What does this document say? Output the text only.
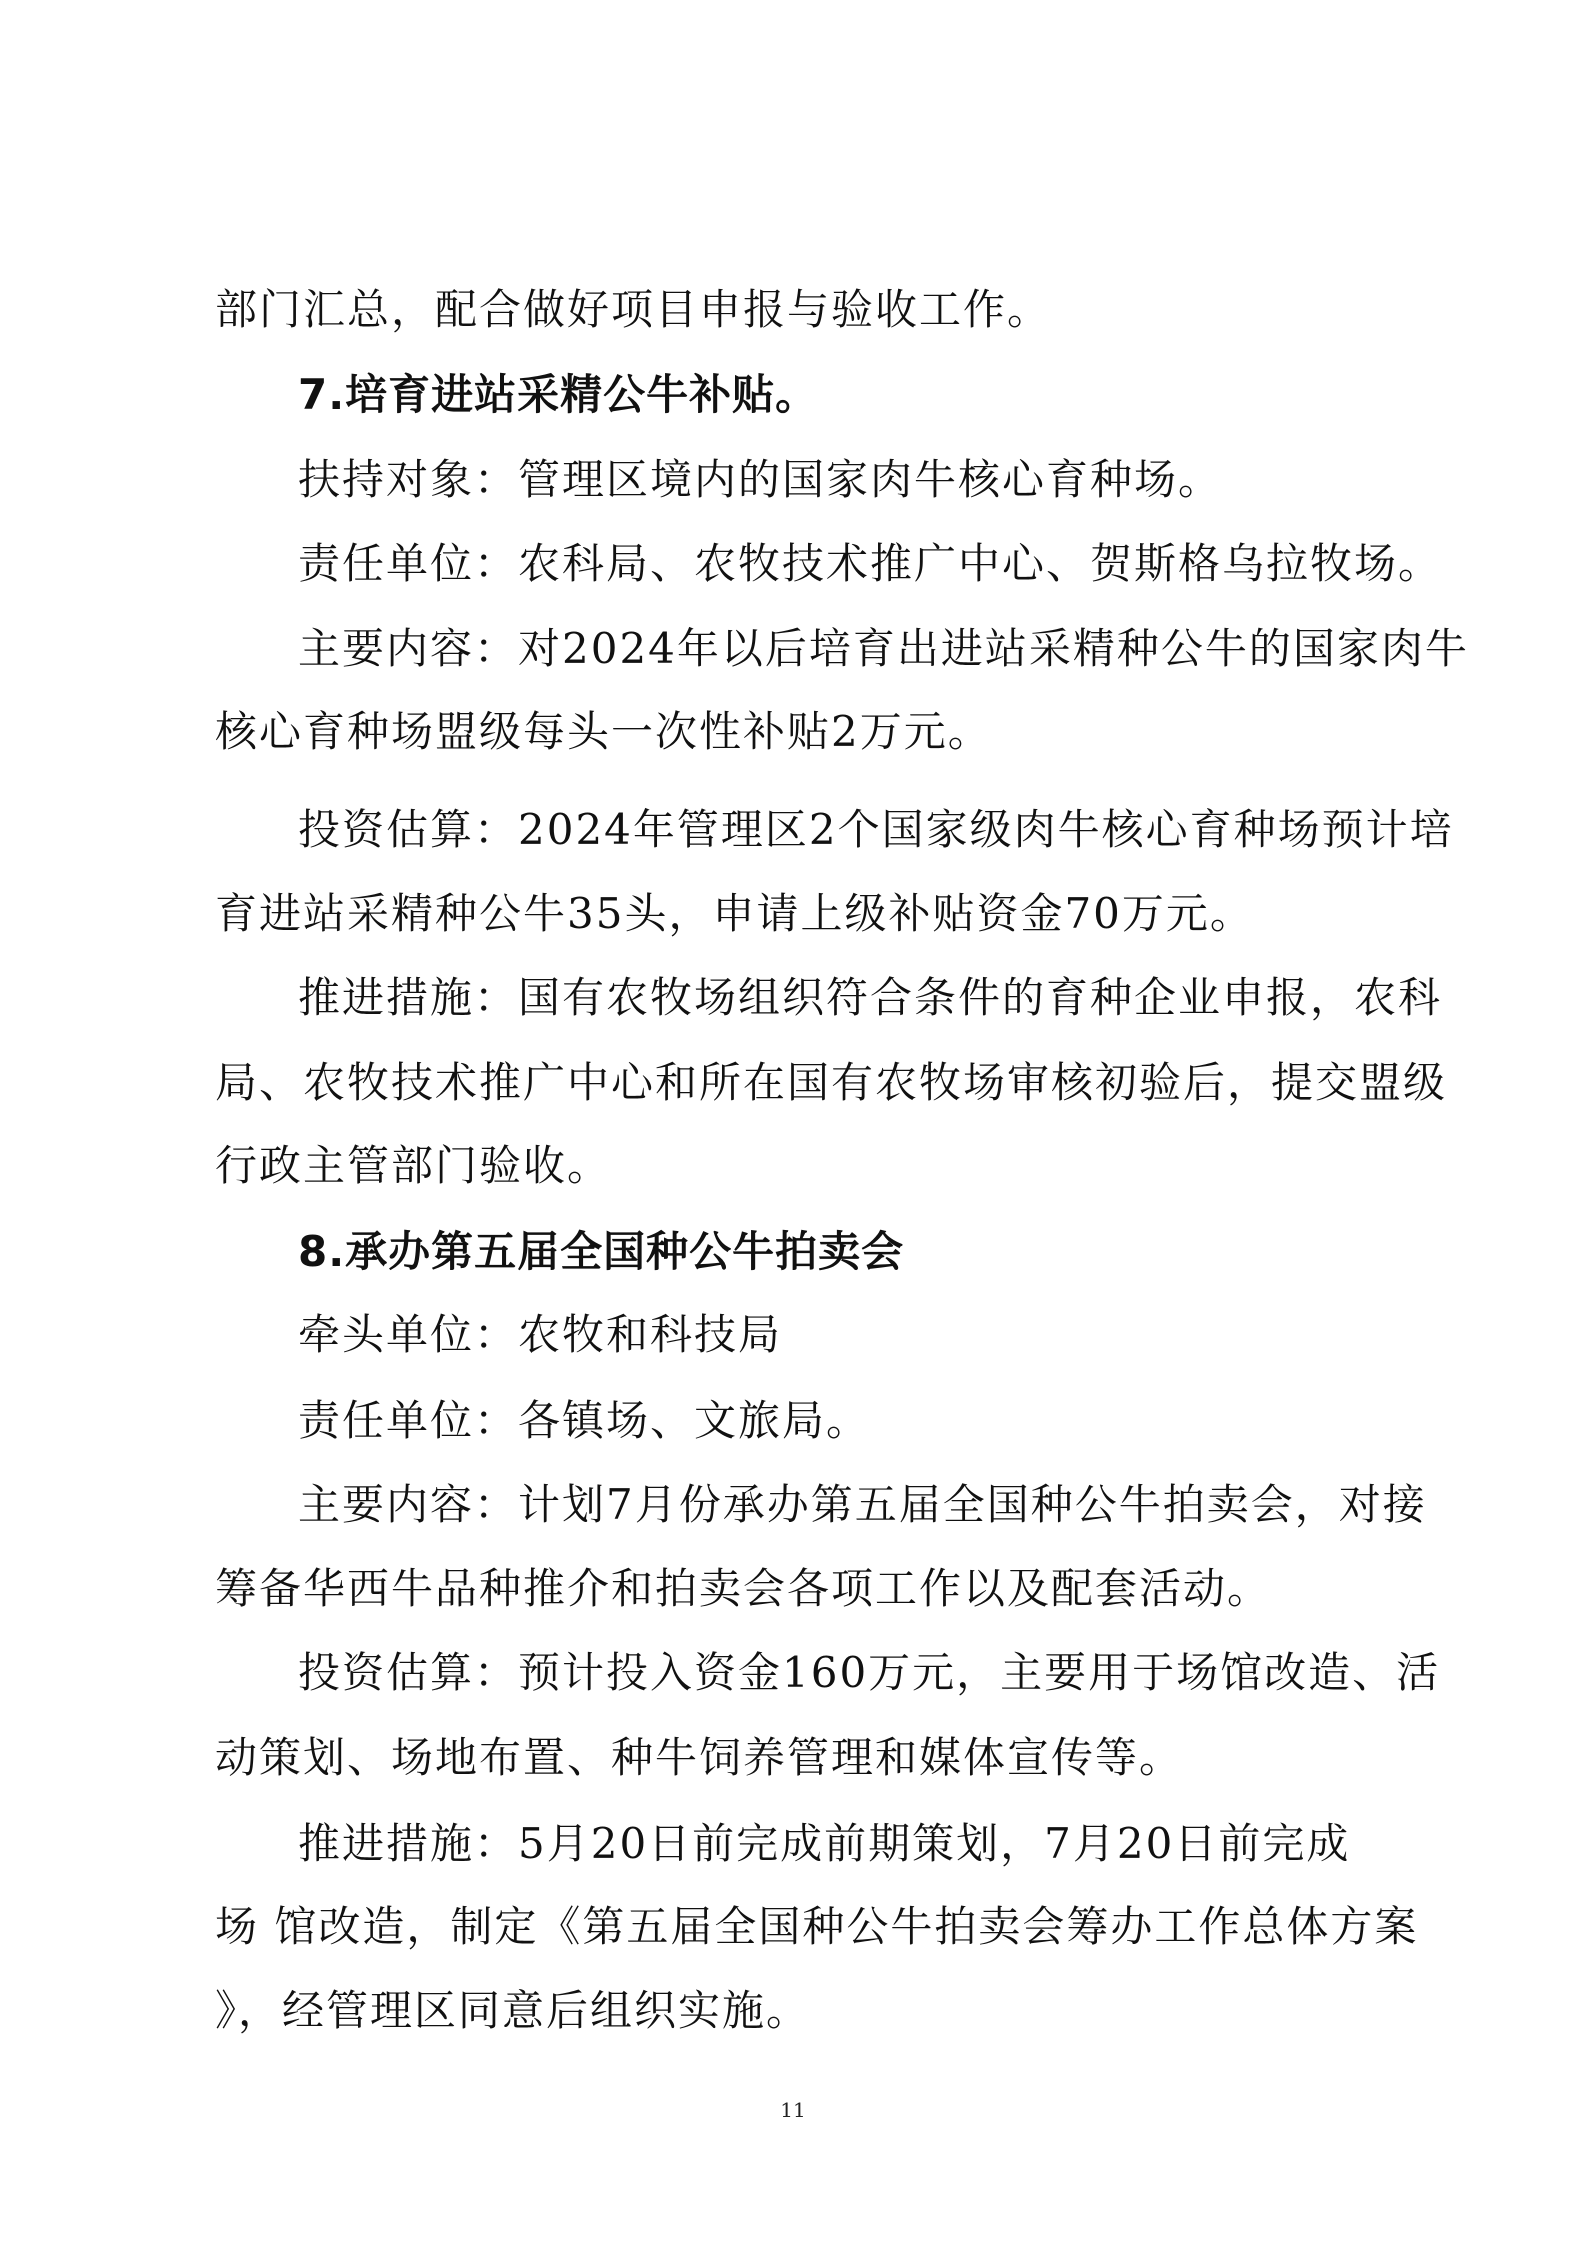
部门汇总，配合做好项目申报与验收工作。
7.培育进站采精公牛补贴。
扶持对象：管理区境内的国家肉牛核心育种场。
责任单位：农科局、农牧技术推广中心、贺斯格乌拉牧场。
主要内容：对2024年以后培育出进站采精种公牛的国家肉牛
核心育种场盟级每头一次性补贴2万元。
投资估算：2024年管理区2个国家级肉牛核心育种场预计培
育进站采精种公牛35头，申请上级补贴资金70万元。
推进措施：国有农牧场组织符合条件的育种企业申报，农科
局、农牧技术推广中心和所在国有农牧场审核初验后，提交盟级
行政主管部门验收。
8.承办第五届全国种公牛拍卖会
牵头单位：农牧和科技局
责任单位：各镇场、文旅局。
主要内容：计划7月份承办第五届全国种公牛拍卖会，对接
筹备华西牛品种推介和拍卖会各项工作以及配套活动。
投资估算：预计投入资金160万元，主要用于场馆改造、活
动策划、场地布置、种牛饲养管理和媒体宣传等。
推进措施：5月20日前完成前期策划，7月20日前完成
场 馆改造，制定《第五届全国种公牛拍卖会筹办工作总体方案
》，经管理区同意后组织实施。
11
